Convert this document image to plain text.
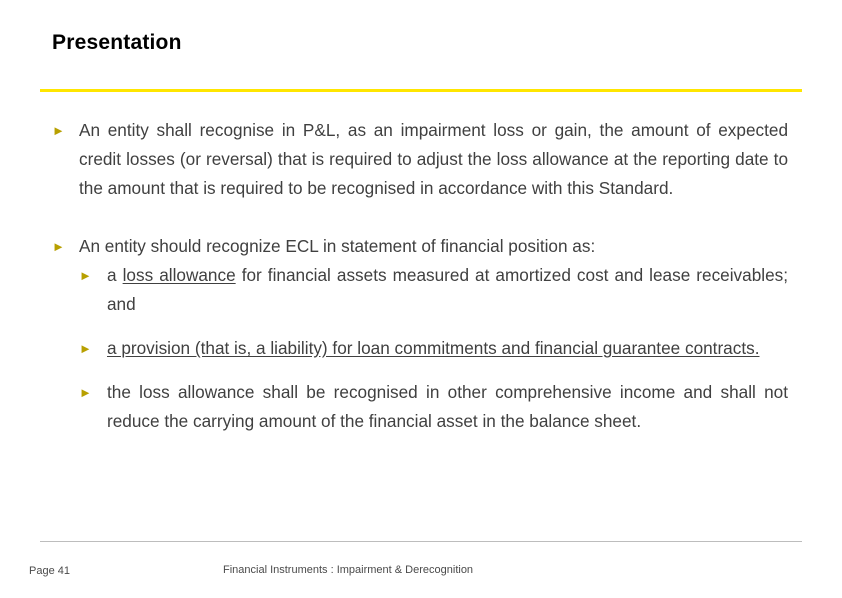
Presentation
► An entity shall recognise in P&L, as an impairment loss or gain, the amount of expected credit losses (or reversal) that is required to adjust the loss allowance at the reporting date to the amount that is required to be recognised in accordance with this Standard.
► An entity should recognize ECL in statement of financial position as:
► a loss allowance for financial assets measured at amortized cost and lease receivables; and
► a provision (that is, a liability) for loan commitments and financial guarantee contracts.
► the loss allowance shall be recognised in other comprehensive income and shall not reduce the carrying amount of the financial asset in the balance sheet.
Page 41	Financial Instruments : Impairment & Derecognition
